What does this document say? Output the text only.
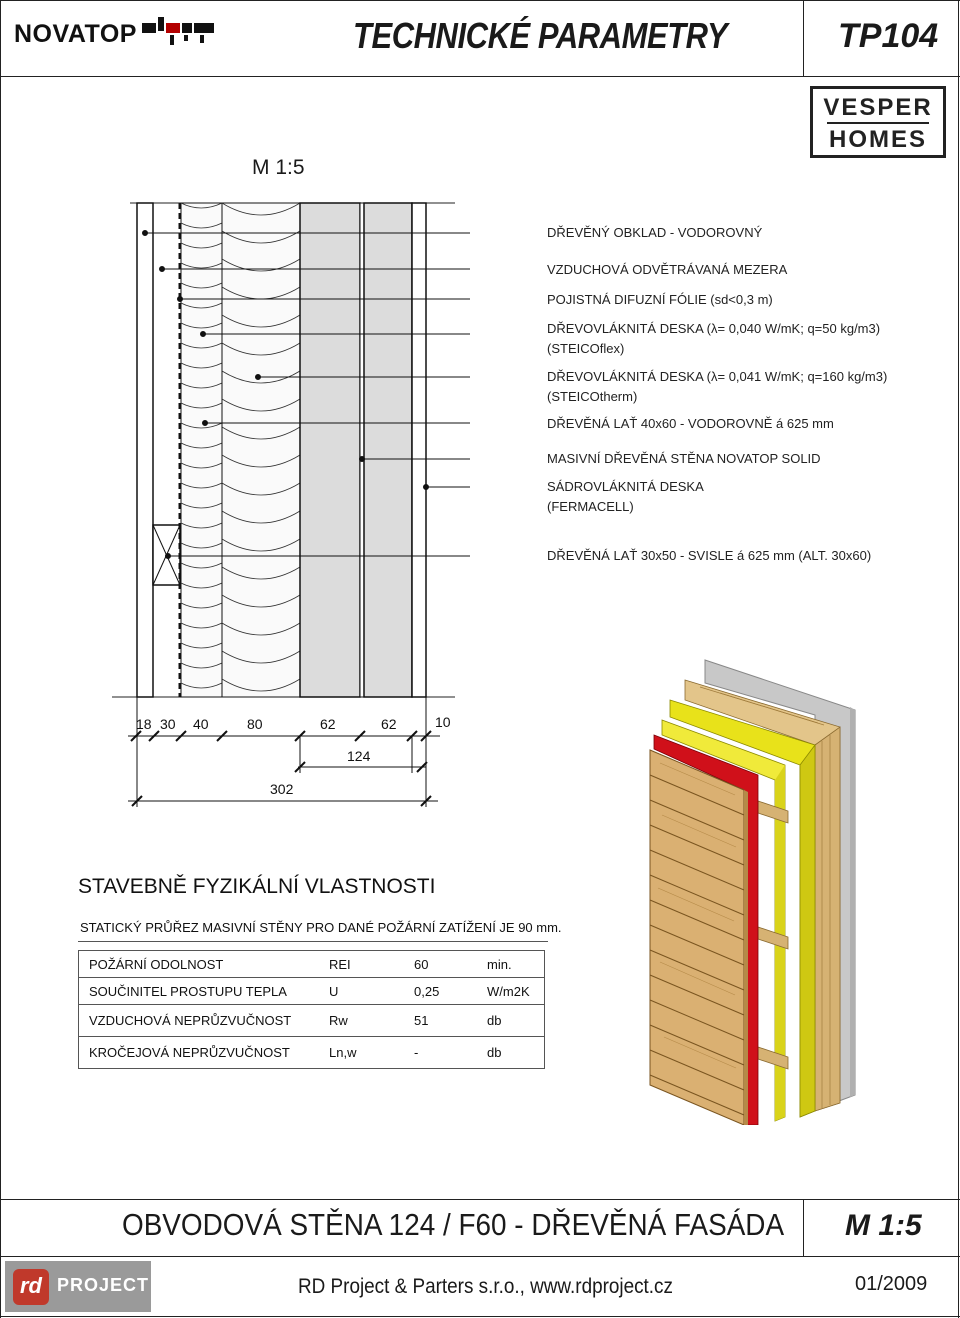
NOVATOP	TECHNICKÉ PARAMETRY	TP104
VESPER
HOMES
M 1:5
18 30 40	80	62	62	10
124
302
DŘEVĚNÝ OBKLAD - VODOROVNÝ
VZDUCHOVÁ ODVĚTRÁVANÁ MEZERA
POJISTNÁ DIFUZNÍ FÓLIE (sd<0,3 m)
DŘEVOVLÁKNITÁ DESKA (λ= 0,040 W/mK; q=50 kg/m3)
(STEICOflex)
DŘEVOVLÁKNITÁ DESKA (λ= 0,041 W/mK; q=160 kg/m3)
(STEICOtherm)
DŘEVĚNÁ LAŤ 40x60 - VODOROVNĚ á 625 mm
MASIVNÍ DŘEVĚNÁ STĚNA NOVATOP SOLID
SÁDROVLÁKNITÁ DESKA
(FERMACELL)
DŘEVĚNÁ LAŤ 30x50 - SVISLE á 625 mm (ALT. 30x60)
STAVEBNĚ FYZIKÁLNÍ VLASTNOSTI
STATICKÝ PRŮŘEZ MASIVNÍ STĚNY PRO DANÉ POŽÁRNÍ ZATÍŽENÍ JE 90 mm.
POŽÁRNÍ ODOLNOST	REI	60	min.
SOUČINITEL PROSTUPU TEPLA	U	0,25	W/m2K
VZDUCHOVÁ NEPRŮZVUČNOST	Rw	51	db
KROČEJOVÁ NEPRŮZVUČNOST	Ln,w	-	db
OBVODOVÁ STĚNA 124 / F60 - DŘEVĚNÁ FASÁDA M 1:5
rd PROJECT	RD Project & Parters s.r.o., www.rdproject.cz	01/2009
